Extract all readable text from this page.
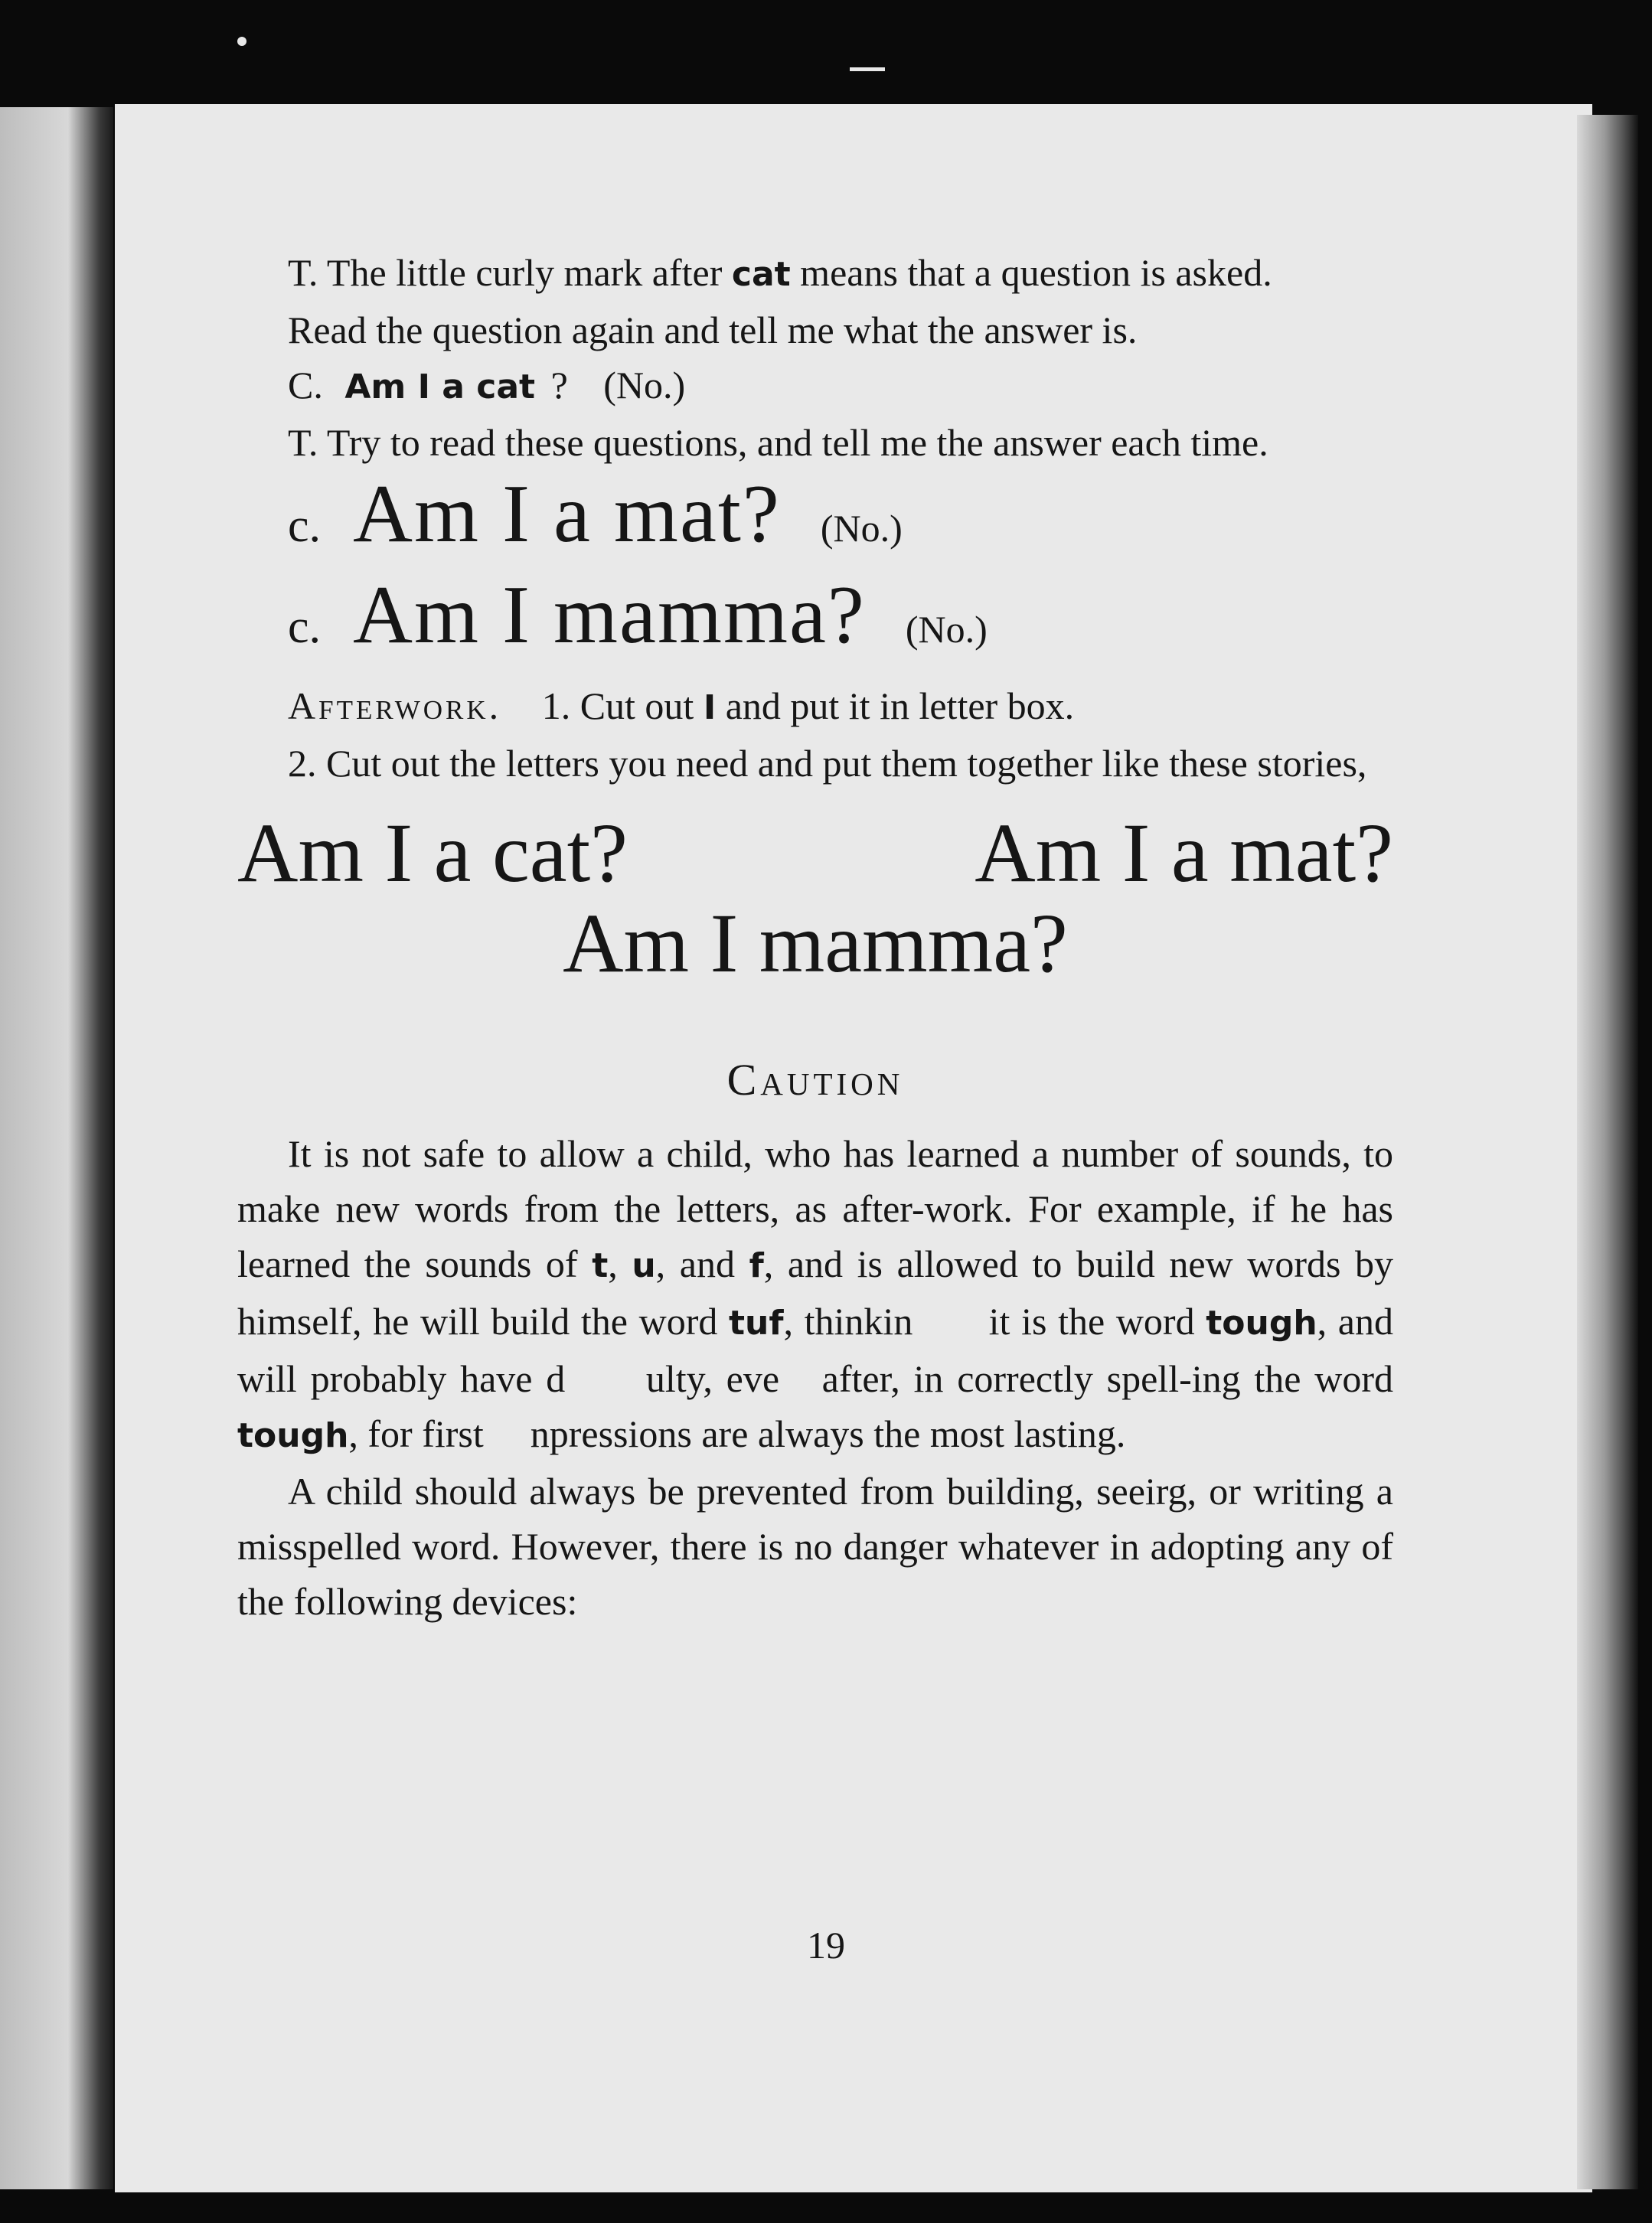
T. The little curly mark after cat means that a question is asked.

Read the question again and tell me what the answer is.

C. Am I a cat ? (No.)

T. Try to read these questions, and tell me the answer each time.

c. Am I a mat? (No.)
c. Am I mamma? (No.)

Afterwork. 1. Cut out I and put it in letter box.

2. Cut out the letters you need and put them together like these stories,

Am I a cat?	Am I a mat?
Am I mamma?
Caution

It is not safe to allow a child, who has learned a number of sounds, to make new words from the letters, as after-work. For example, if he has learned the sounds of t, u, and f, and is allowed to build new words by himself, he will build the word tuf, thinkin it is the word tough, and will probably have d ulty, eve after, in correctly spell-ing the word tough, for first npressions are always the most lasting.

A child should always be prevented from building, seeirg, or writing a misspelled word. However, there is no danger whatever in adopting any of the following devices:

19
